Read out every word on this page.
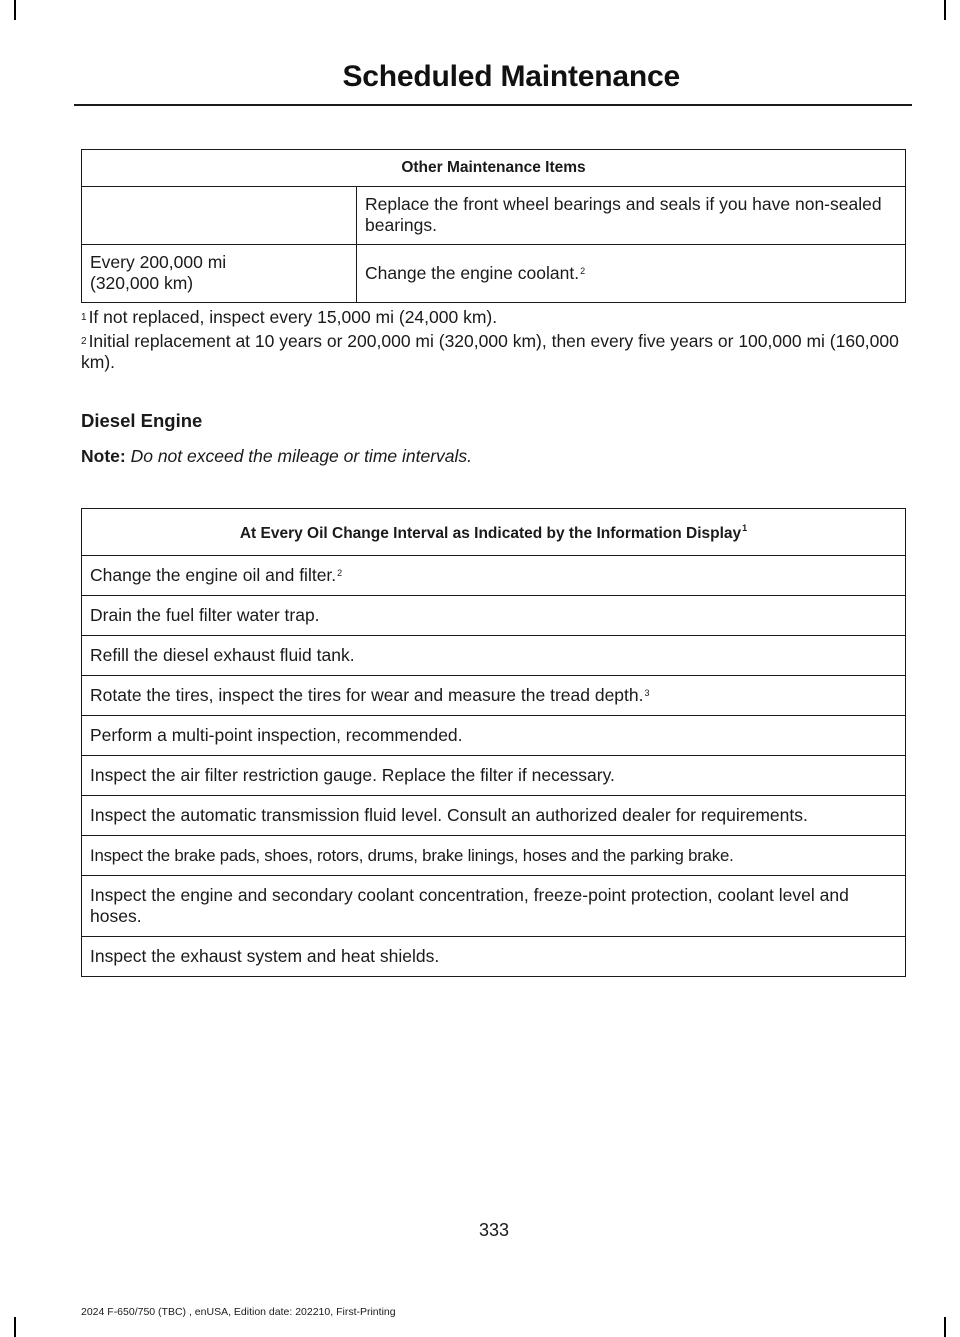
Scheduled Maintenance
Other Maintenance Items	
	Replace the front wheel bearings and seals if you have non-sealed bearings.
Every 200,000 mi
(320,000 km)	Change the engine coolant.$^2$

$^1$ If not replaced, inspect every 15,000 mi (24,000 km).

$^2$ Initial replacement at 10 years or 200,000 mi (320,000 km), then every five years or 100,000 mi (160,000 km).

Diesel Engine
Note: Do not exceed the mileage or time intervals.
At Every Oil Change Interval as Indicated by the Information Display$^1$
Change the engine oil and filter.$^2$
Drain the fuel filter water trap.
Refill the diesel exhaust fluid tank.
Rotate the tires, inspect the tires for wear and measure the tread depth.$^3$
Perform a multi-point inspection, recommended.
Inspect the air filter restriction gauge. Replace the filter if necessary.
Inspect the automatic transmission fluid level. Consult an authorized dealer for requirements.
Inspect the brake pads, shoes, rotors, drums, brake linings, hoses and the parking brake.
Inspect the engine and secondary coolant concentration, freeze-point protection, coolant level and hoses.
Inspect the exhaust system and heat shields.
333
2024 F-650/750 (TBC) , enUSA, Edition date: 202210, First-Printing
